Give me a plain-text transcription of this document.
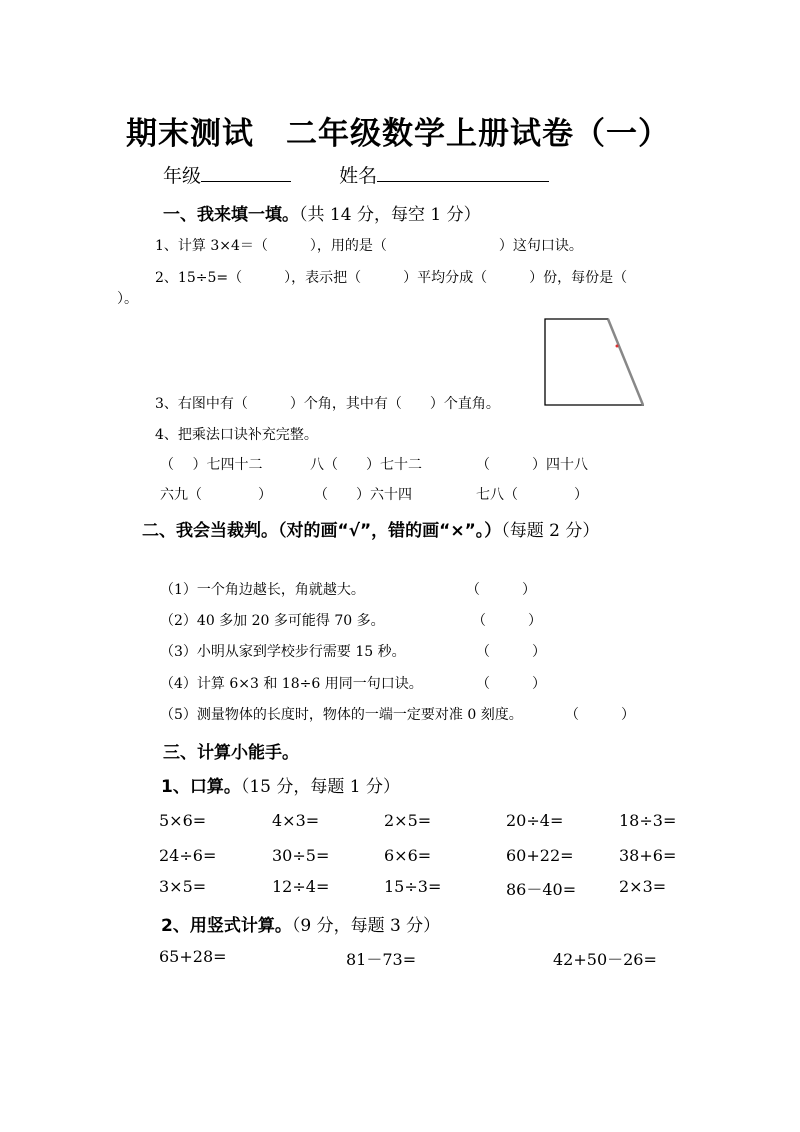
期末测试　二年级数学上册试卷（一）
年级	姓名
一、我来填一填。（共 14 分，每空 1 分）
1、计算 3×4＝（　　　），用的是（　　　　　　　　）这句口诀。
2、15÷5=（　　　），表示把（　　　）平均分成（　　　）份，每份是（
）。
3、右图中有（　　　）个角，其中有（　　）个直角。
4、把乘法口诀补充完整。
（　 ）七四十二	八（　　）七十二	（　　　）四十八
六九（　　　　）	（　　）六十四	七八（　　　　）
二、我会当裁判。（对的画“√”，错的画“×”。）（每题 2 分）
（1）一个角边越长，角就越大。	（　　　）
（2）40 多加 20 多可能得 70 多。	（　　　）
（3）小明从家到学校步行需要 15 秒。	（　　　）
（4）计算 6×3 和 18÷6 用同一句口诀。	（　　　）
（5）测量物体的长度时，物体的一端一定要对准 0 刻度。	（　　　）
三、计算小能手。
1、口算。（15 分，每题 1 分）
5×6=	4×3=	2×5=	20÷4=	18÷3=
24÷6=	30÷5=	6×6=	60+22=	38+6=
3×5=	12÷4=	15÷3=	86－40=	2×3=
2、用竖式计算。（9 分，每题 3 分）
65+28=	81－73=	42+50－26=
